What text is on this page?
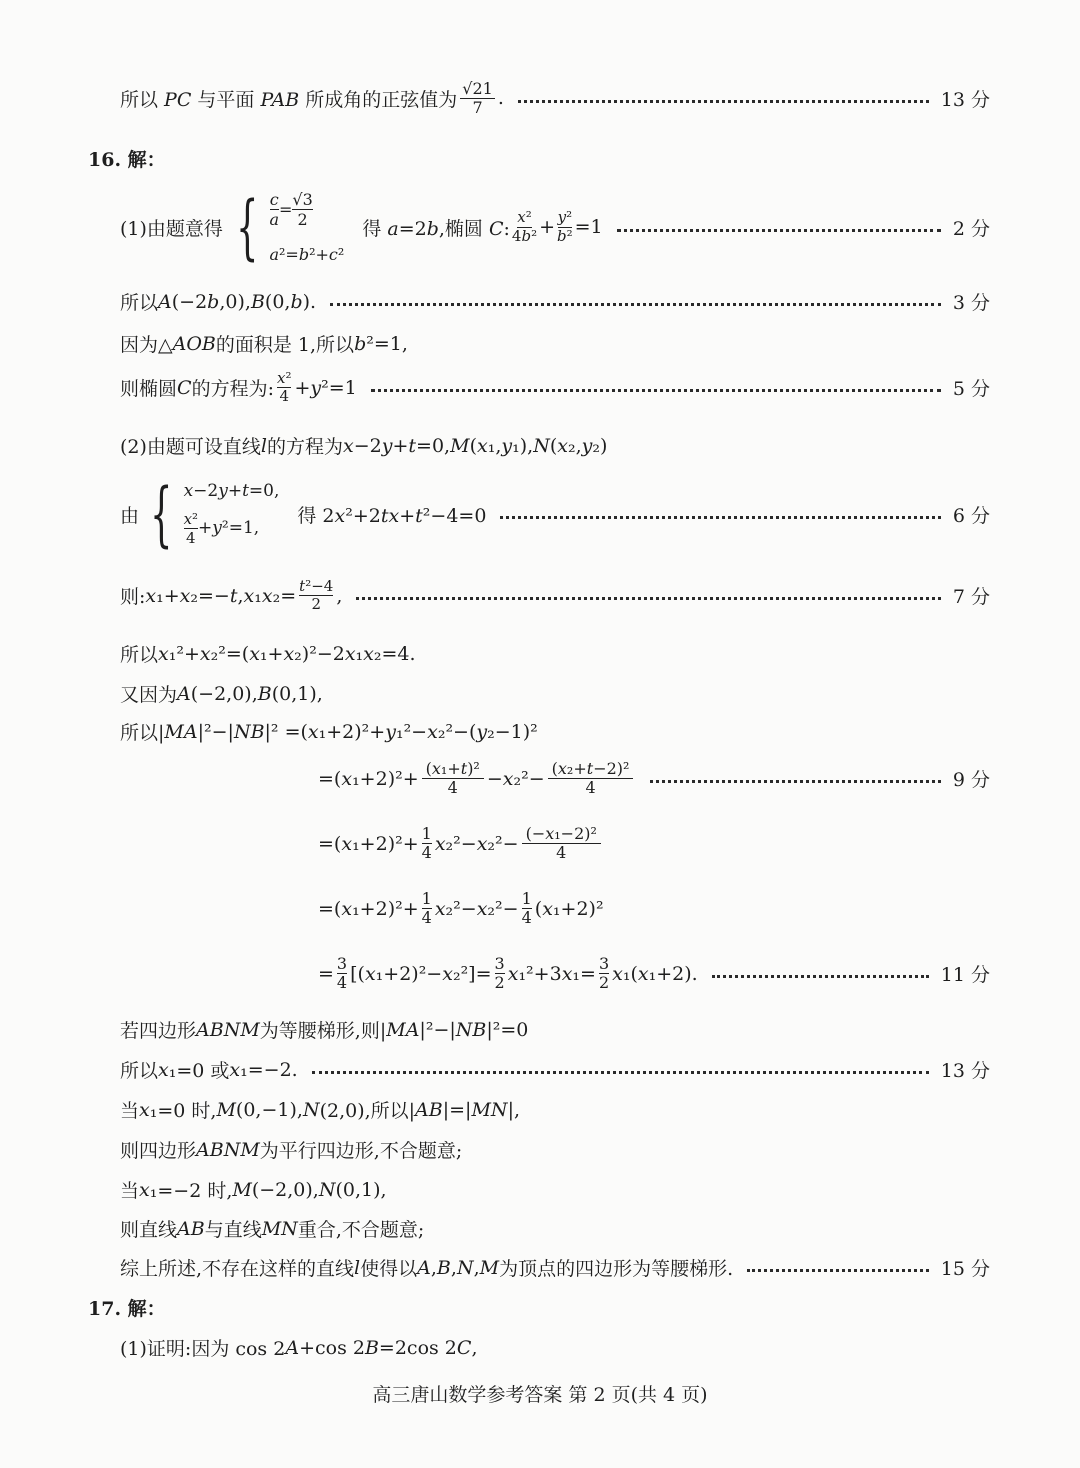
所以 PC 与平面 PAB 所成角的正弦值为
√21
7 .	13 分
16. 解：
(1)由题意得 { c
a
=
√3
2
a²=b²+c²
得 a=2b,椭圆 C:
x²
4b² + y²
b² =1	2 分
所以 A (−2 b ,0), B (0, b ).	3 分
因为△ AOB 的面积是 1,所以 b ²=1,
则椭圆 C 的方程为:
x²
4 + y ²=1	5 分
(2)由题可设直线 l 的方程为 x −2 y + t =0, M ( x ₁, y ₁), N ( x ₂, y ₂)
由 { x−2y+t=0,
x²
4 + y ²=1,
得 2x²+2tx+t²−4=0	6 分
则: x ₁+ x ₂=− t , x ₁ x ₂= t²−4
2 ,	7 分
所以 x ₁²+ x ₂²=( x ₁+ x ₂)²−2 x ₁ x ₂=4.
又因为 A (−2,0), B (0,1),
所以| MA |²−| NB |² =( x ₁+2)²+ y ₁²− x ₂²−( y ₂−1)²
=( x ₁+2)²+ (x₁+t)²
4 − x ₂²− (x₂+t−2)²
4	9 分
=( x ₁+2)²+ 1
4 x ₂²− x ₂²− (−x₁−2)²
4
=( x ₁+2)²+ 1
4 x ₂²− x ₂²− 1
4 ( x ₁+2)²
= 3
4 [( x ₁+2)²− x ₂²]= 3
2 x ₁²+3 x ₁= 3
2 x ₁( x ₁+2).	11 分
若四边形 ABNM 为等腰梯形,则| MA |²−| NB |²=0
所以 x ₁=0 或 x ₁=−2.	13 分
当 x ₁=0 时, M (0,−1), N (2,0),所以| AB |=| MN |,
则四边形 ABNM 为平行四边形,不合题意;
当 x ₁=−2 时, M (−2,0), N (0,1),
则直线 AB 与直线 MN 重合,不合题意;
综上所述,不存在这样的直线 l 使得以 A , B , N , M 为顶点的四边形为等腰梯形.	15 分
17. 解：
(1)证明:因为 cos 2 A +cos 2 B =2cos 2 C ,
高三唐山数学参考答案 第 2 页(共 4 页)
